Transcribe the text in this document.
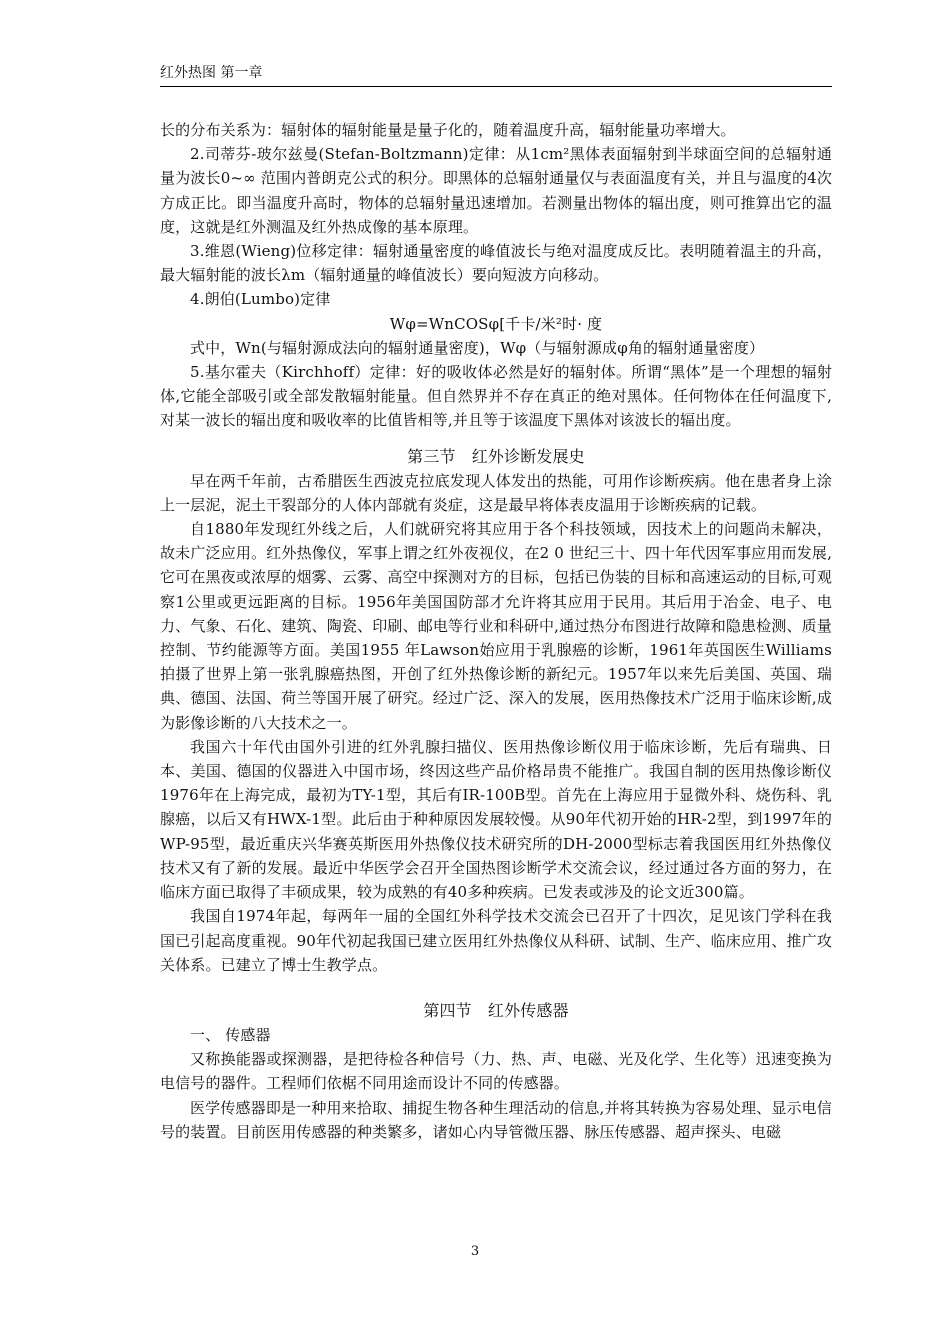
红外热图 第一章

长的分布关系为：辐射体的辐射能量是量子化的，随着温度升高，辐射能量功率增大。

2.司蒂芬-玻尔兹曼(Stefan-Boltzmann)定律：从1cm²黑体表面辐射到半球面空间的总辐射通量为波长0~∞ 范围内普朗克公式的积分。即黑体的总辐射通量仅与表面温度有关，并且与温度的4次方成正比。即当温度升高时，物体的总辐射量迅速增加。若测量出物体的辐出度，则可推算出它的温度，这就是红外测温及红外热成像的基本原理。

3.维恩(Wieng)位移定律：辐射通量密度的峰值波长与绝对温度成反比。表明随着温主的升高，最大辐射能的波长λm（辐射通量的峰值波长）要向短波方向移动。

4.朗伯(Lumbo)定律

Wφ=WnCOSφ[千卡/米²时· 度

式中，Wn(与辐射源成法向的辐射通量密度)，Wφ（与辐射源成φ角的辐射通量密度）

5.基尔霍夫（Kirchhoff）定律：好的吸收体必然是好的辐射体。所谓“黑体”是一个理想的辐射体,它能全部吸引或全部发散辐射能量。但自然界并不存在真正的绝对黑体。任何物体在任何温度下,对某一波长的辐出度和吸收率的比值皆相等,并且等于该温度下黑体对该波长的辐出度。

第三节　红外诊断发展史

早在两千年前，古希腊医生西波克拉底发现人体发出的热能，可用作诊断疾病。他在患者身上涂上一层泥，泥土干裂部分的人体内部就有炎症，这是最早将体表皮温用于诊断疾病的记载。

自1880年发现红外线之后，人们就研究将其应用于各个科技领域，因技术上的问题尚未解决，故未广泛应用。红外热像仪，军事上谓之红外夜视仪，在2 0 世纪三十、四十年代因军事应用而发展,它可在黑夜或浓厚的烟雾、云雾、高空中探测对方的目标，包括已伪装的目标和高速运动的目标,可观察1公里或更远距离的目标。1956年美国国防部才允许将其应用于民用。其后用于冶金、电子、电力、气象、石化、建筑、陶瓷、印刷、邮电等行业和科研中,通过热分布图进行故障和隐患检测、质量控制、节约能源等方面。美国1955 年Lawson始应用于乳腺癌的诊断，1961年英国医生Williams拍摄了世界上第一张乳腺癌热图，开创了红外热像诊断的新纪元。1957年以来先后美国、英国、瑞典、德国、法国、荷兰等国开展了研究。经过广泛、深入的发展，医用热像技术广泛用于临床诊断,成为影像诊断的八大技术之一。

我国六十年代由国外引进的红外乳腺扫描仪、医用热像诊断仪用于临床诊断，先后有瑞典、日本、美国、德国的仪器进入中国市场，终因这些产品价格昂贵不能推广。我国自制的医用热像诊断仪1976年在上海完成，最初为TY-1型，其后有IR-100B型。首先在上海应用于显微外科、烧伤科、乳腺癌，以后又有HWX-1型。此后由于种种原因发展较慢。从90年代初开始的HR-2型，到1997年的WP-95型，最近重庆兴华赛英斯医用外热像仪技术研究所的DH-2000型标志着我国医用红外热像仪技术又有了新的发展。最近中华医学会召开全国热图诊断学术交流会议，经过通过各方面的努力，在临床方面已取得了丰硕成果，较为成熟的有40多种疾病。已发表或涉及的论文近300篇。

我国自1974年起，每两年一届的全国红外科学技术交流会已召开了十四次，足见该门学科在我国已引起高度重视。90年代初起我国已建立医用红外热像仪从科研、试制、生产、临床应用、推广攻关体系。已建立了博士生教学点。

第四节　红外传感器

一、 传感器

又称换能器或探测器，是把待检各种信号（力、热、声、电磁、光及化学、生化等）迅速变换为电信号的器件。工程师们依椐不同用途而设计不同的传感器。

医学传感器即是一种用来拾取、捕捉生物各种生理活动的信息,并将其转换为容易处理、显示电信号的装置。目前医用传感器的种类繁多，诸如心内导管微压器、脉压传感器、超声探头、电磁

3
